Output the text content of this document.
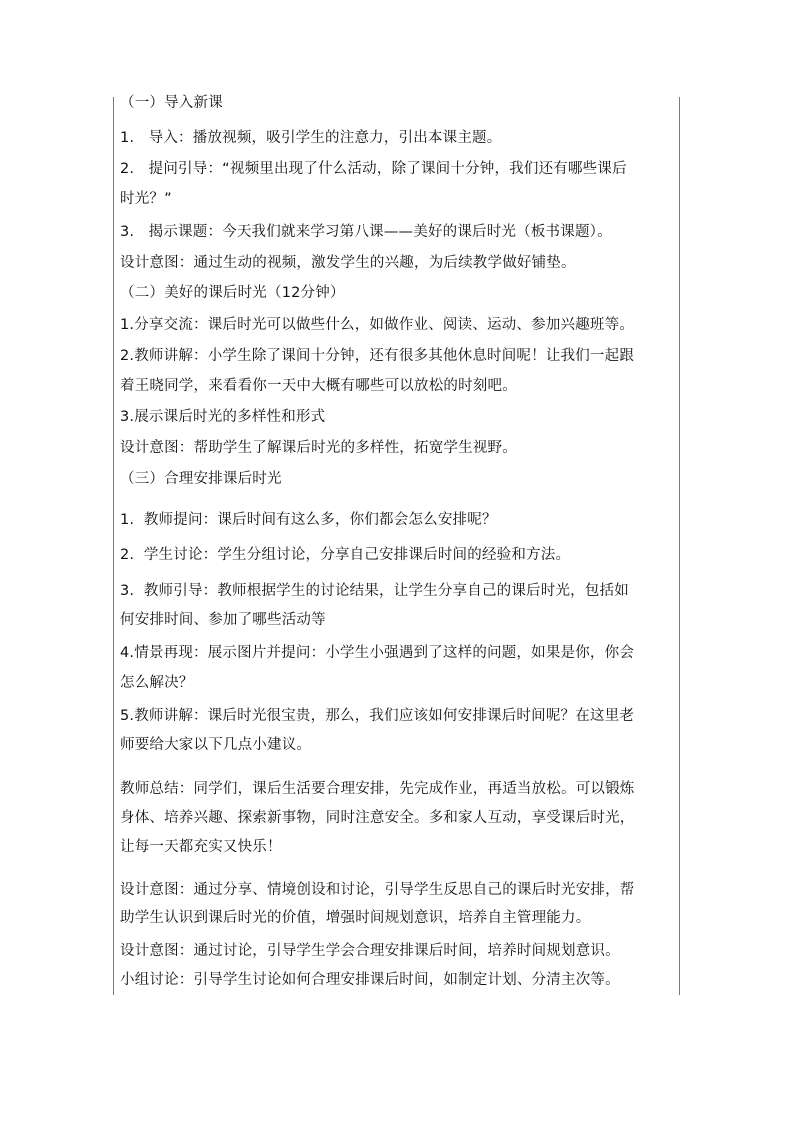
（一）导入新课
1.   导入：播放视频，吸引学生的注意力，引出本课主题。
2.   提问引导：“视频里出现了什么活动，除了课间十分钟，我们还有哪些课后
时光？”
3.   揭示课题：今天我们就来学习第八课——美好的课后时光（板书课题）。
设计意图：通过生动的视频，激发学生的兴趣，为后续教学做好铺垫。
（二）美好的课后时光（12分钟）
1.分享交流：课后时光可以做些什么，如做作业、阅读、运动、参加兴趣班等。
2.教师讲解：小学生除了课间十分钟，还有很多其他休息时间呢！让我们一起跟
着王晓同学，来看看你一天中大概有哪些可以放松的时刻吧。
3.展示课后时光的多样性和形式
设计意图：帮助学生了解课后时光的多样性，拓宽学生视野。
（三）合理安排课后时光
1.  教师提问：课后时间有这么多，你们都会怎么安排呢？
2.  学生讨论：学生分组讨论，分享自己安排课后时间的经验和方法。
3.  教师引导：教师根据学生的讨论结果，让学生分享自己的课后时光，包括如
何安排时间、参加了哪些活动等
4.情景再现：展示图片并提问：小学生小强遇到了这样的问题，如果是你，你会
怎么解决？
5.教师讲解：课后时光很宝贵，那么，我们应该如何安排课后时间呢？在这里老
师要给大家以下几点小建议。
教师总结：同学们，课后生活要合理安排，先完成作业，再适当放松。可以锻炼
身体、培养兴趣、探索新事物，同时注意安全。多和家人互动，享受课后时光，
让每一天都充实又快乐！
设计意图：通过分享、情境创设和讨论，引导学生反思自己的课后时光安排，帮
助学生认识到课后时光的价值，增强时间规划意识，培养自主管理能力。
设计意图：通过讨论，引导学生学会合理安排课后时间，培养时间规划意识。
小组讨论：引导学生讨论如何合理安排课后时间，如制定计划、分清主次等。
